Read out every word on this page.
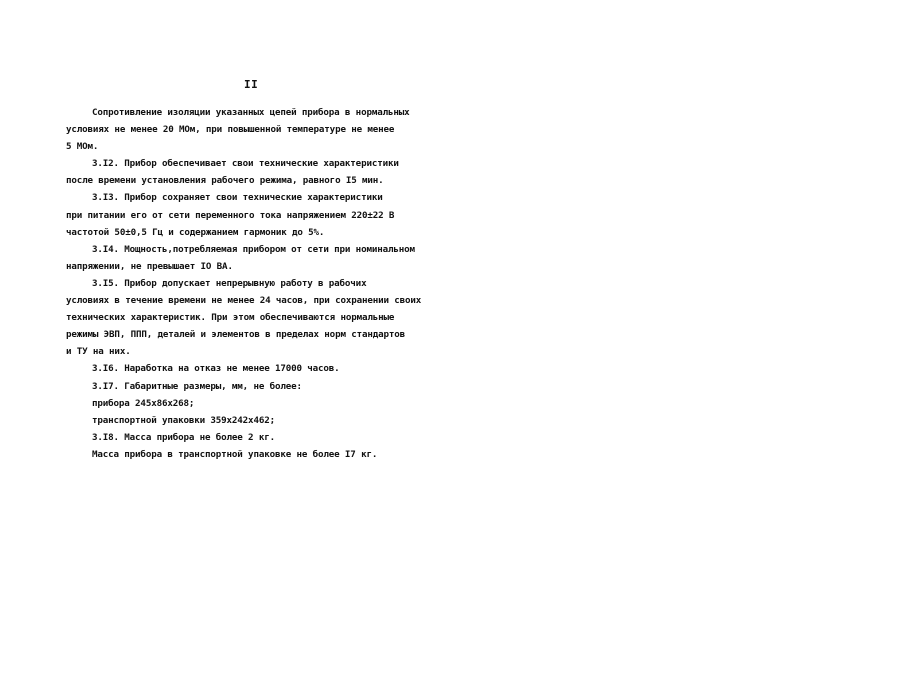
II
Сопротивление изоляции указанных цепей прибора в нормальных
условиях не менее 20 МОм, при повышенной температуре не менее
5 МОм.
3.I2. Прибор обеспечивает свои технические характеристики
после времени установления рабочего режима, равного I5 мин.
3.I3. Прибор сохраняет свои технические характеристики
при питании его от сети переменного тока напряжением 220±22 В
частотой 50±0,5 Гц и содержанием гармоник до 5%.
3.I4. Мощность,потребляемая прибором от сети при номинальном
напряжении, не превышает IO ВА.
3.I5. Прибор допускает непрерывную работу в рабочих
условиях в течение времени не менее 24 часов, при сохранении своих
технических характеристик. При этом обеспечиваются нормальные
режимы ЭВП, ППП, деталей и элементов в пределах норм стандартов
и ТУ на них.
3.I6. Наработка на отказ не менее 17000 часов.
3.I7. Габаритные размеры, мм, не более:
прибора 245х86х268;
транспортной упаковки 359х242х462;
3.I8. Масса прибора не более 2 кг.
Масса прибора в транспортной упаковке не более I7 кг.
